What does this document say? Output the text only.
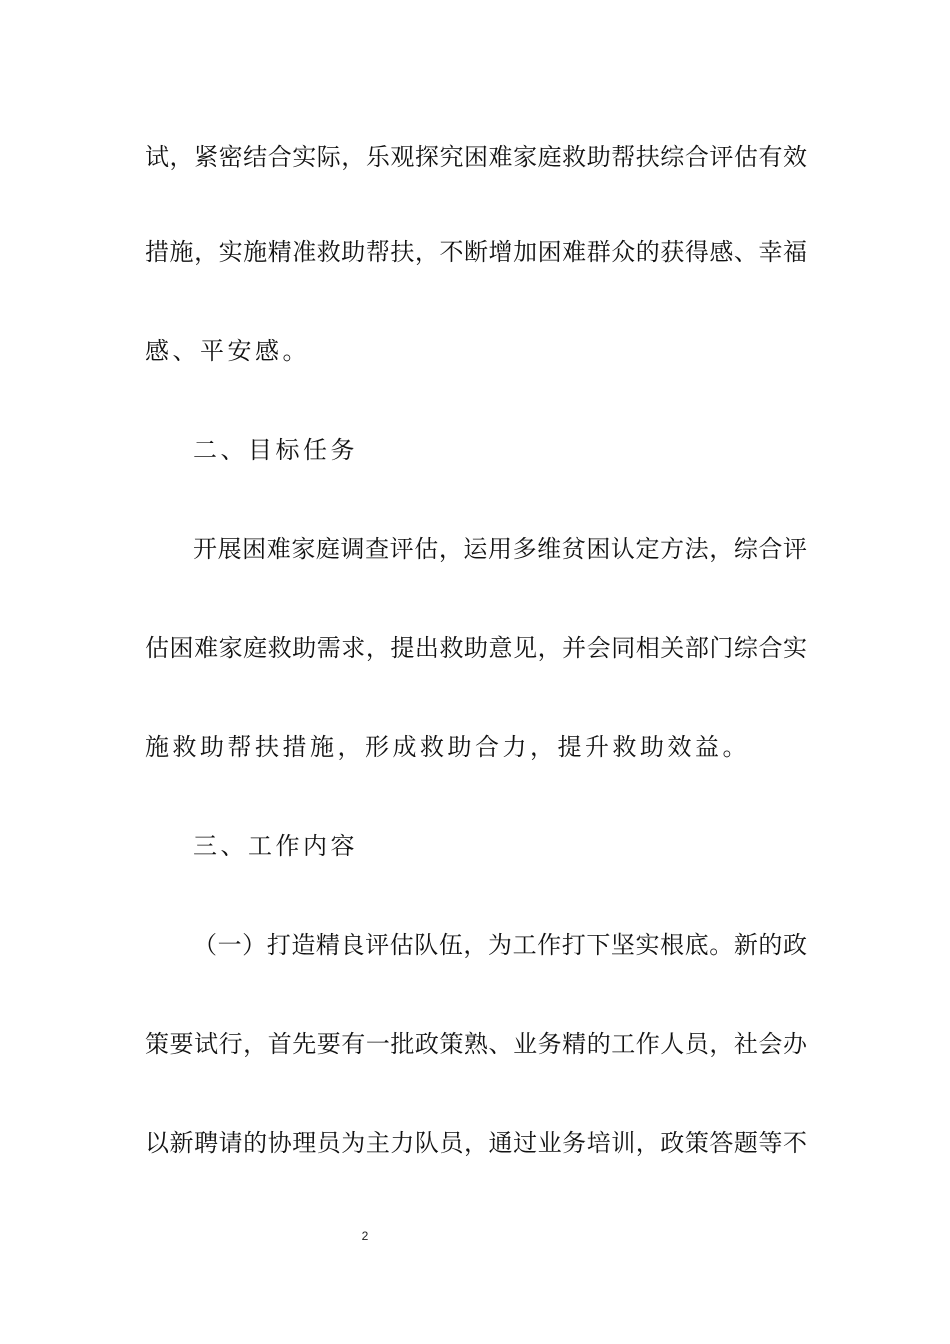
试，紧密结合实际，乐观探究困难家庭救助帮扶综合评估有效
措施，实施精准救助帮扶，不断增加困难群众的获得感、幸福
感、平安感。
二、目标任务
开展困难家庭调查评估，运用多维贫困认定方法，综合评
估困难家庭救助需求，提出救助意见，并会同相关部门综合实
施救助帮扶措施，形成救助合力，提升救助效益。
三、工作内容
（一）打造精良评估队伍，为工作打下坚实根底。新的政
策要试行，首先要有一批政策熟、业务精的工作人员，社会办
以新聘请的协理员为主力队员，通过业务培训，政策答题等不
2
